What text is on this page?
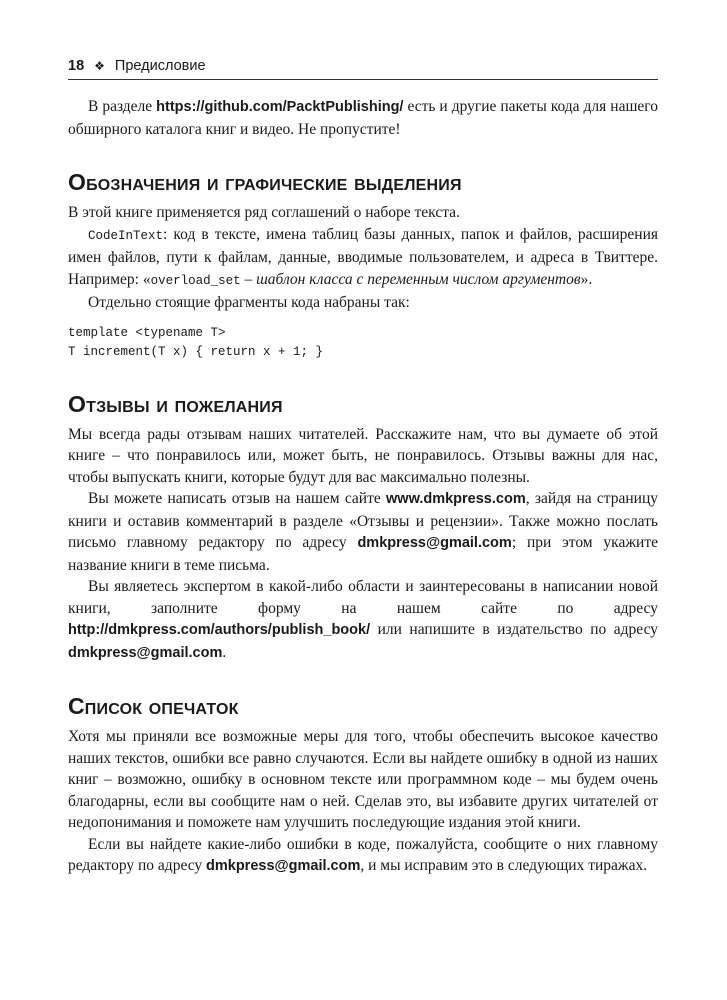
18 ❖ Предисловие

В разделе https://github.com/PacktPublishing/ есть и другие пакеты кода для нашего обширного каталога книг и видео. Не пропустите!

Обозначения и графические выделения

В этой книге применяется ряд соглашений о наборе текста.

CodeInText: код в тексте, имена таблиц базы данных, папок и файлов, расширения имен файлов, пути к файлам, данные, вводимые пользователем, и адреса в Твиттере. Например: «overload_set – шаблон класса с переменным числом аргументов».

Отдельно стоящие фрагменты кода набраны так:

template <typename T>
T increment(T x) { return x + 1; }
Отзывы и пожелания

Мы всегда рады отзывам наших читателей. Расскажите нам, что вы думаете об этой книге – что понравилось или, может быть, не понравилось. Отзывы важны для нас, чтобы выпускать книги, которые будут для вас максимально полезны.

Вы можете написать отзыв на нашем сайте www.dmkpress.com, зайдя на страницу книги и оставив комментарий в разделе «Отзывы и рецензии». Также можно послать письмо главному редактору по адресу dmkpress@gmail.com; при этом укажите название книги в теме письма.

Вы являетесь экспертом в какой-либо области и заинтересованы в написании новой книги, заполните форму на нашем сайте по адресу http://dmkpress.com/authors/publish_book/ или напишите в издательство по адресу dmkpress@gmail.com.

Список опечаток

Хотя мы приняли все возможные меры для того, чтобы обеспечить высокое качество наших текстов, ошибки все равно случаются. Если вы найдете ошибку в одной из наших книг – возможно, ошибку в основном тексте или программном коде – мы будем очень благодарны, если вы сообщите нам о ней. Сделав это, вы избавите других читателей от недопонимания и поможете нам улучшить последующие издания этой книги.

Если вы найдете какие-либо ошибки в коде, пожалуйста, сообщите о них главному редактору по адресу dmkpress@gmail.com, и мы исправим это в следующих тиражах.
